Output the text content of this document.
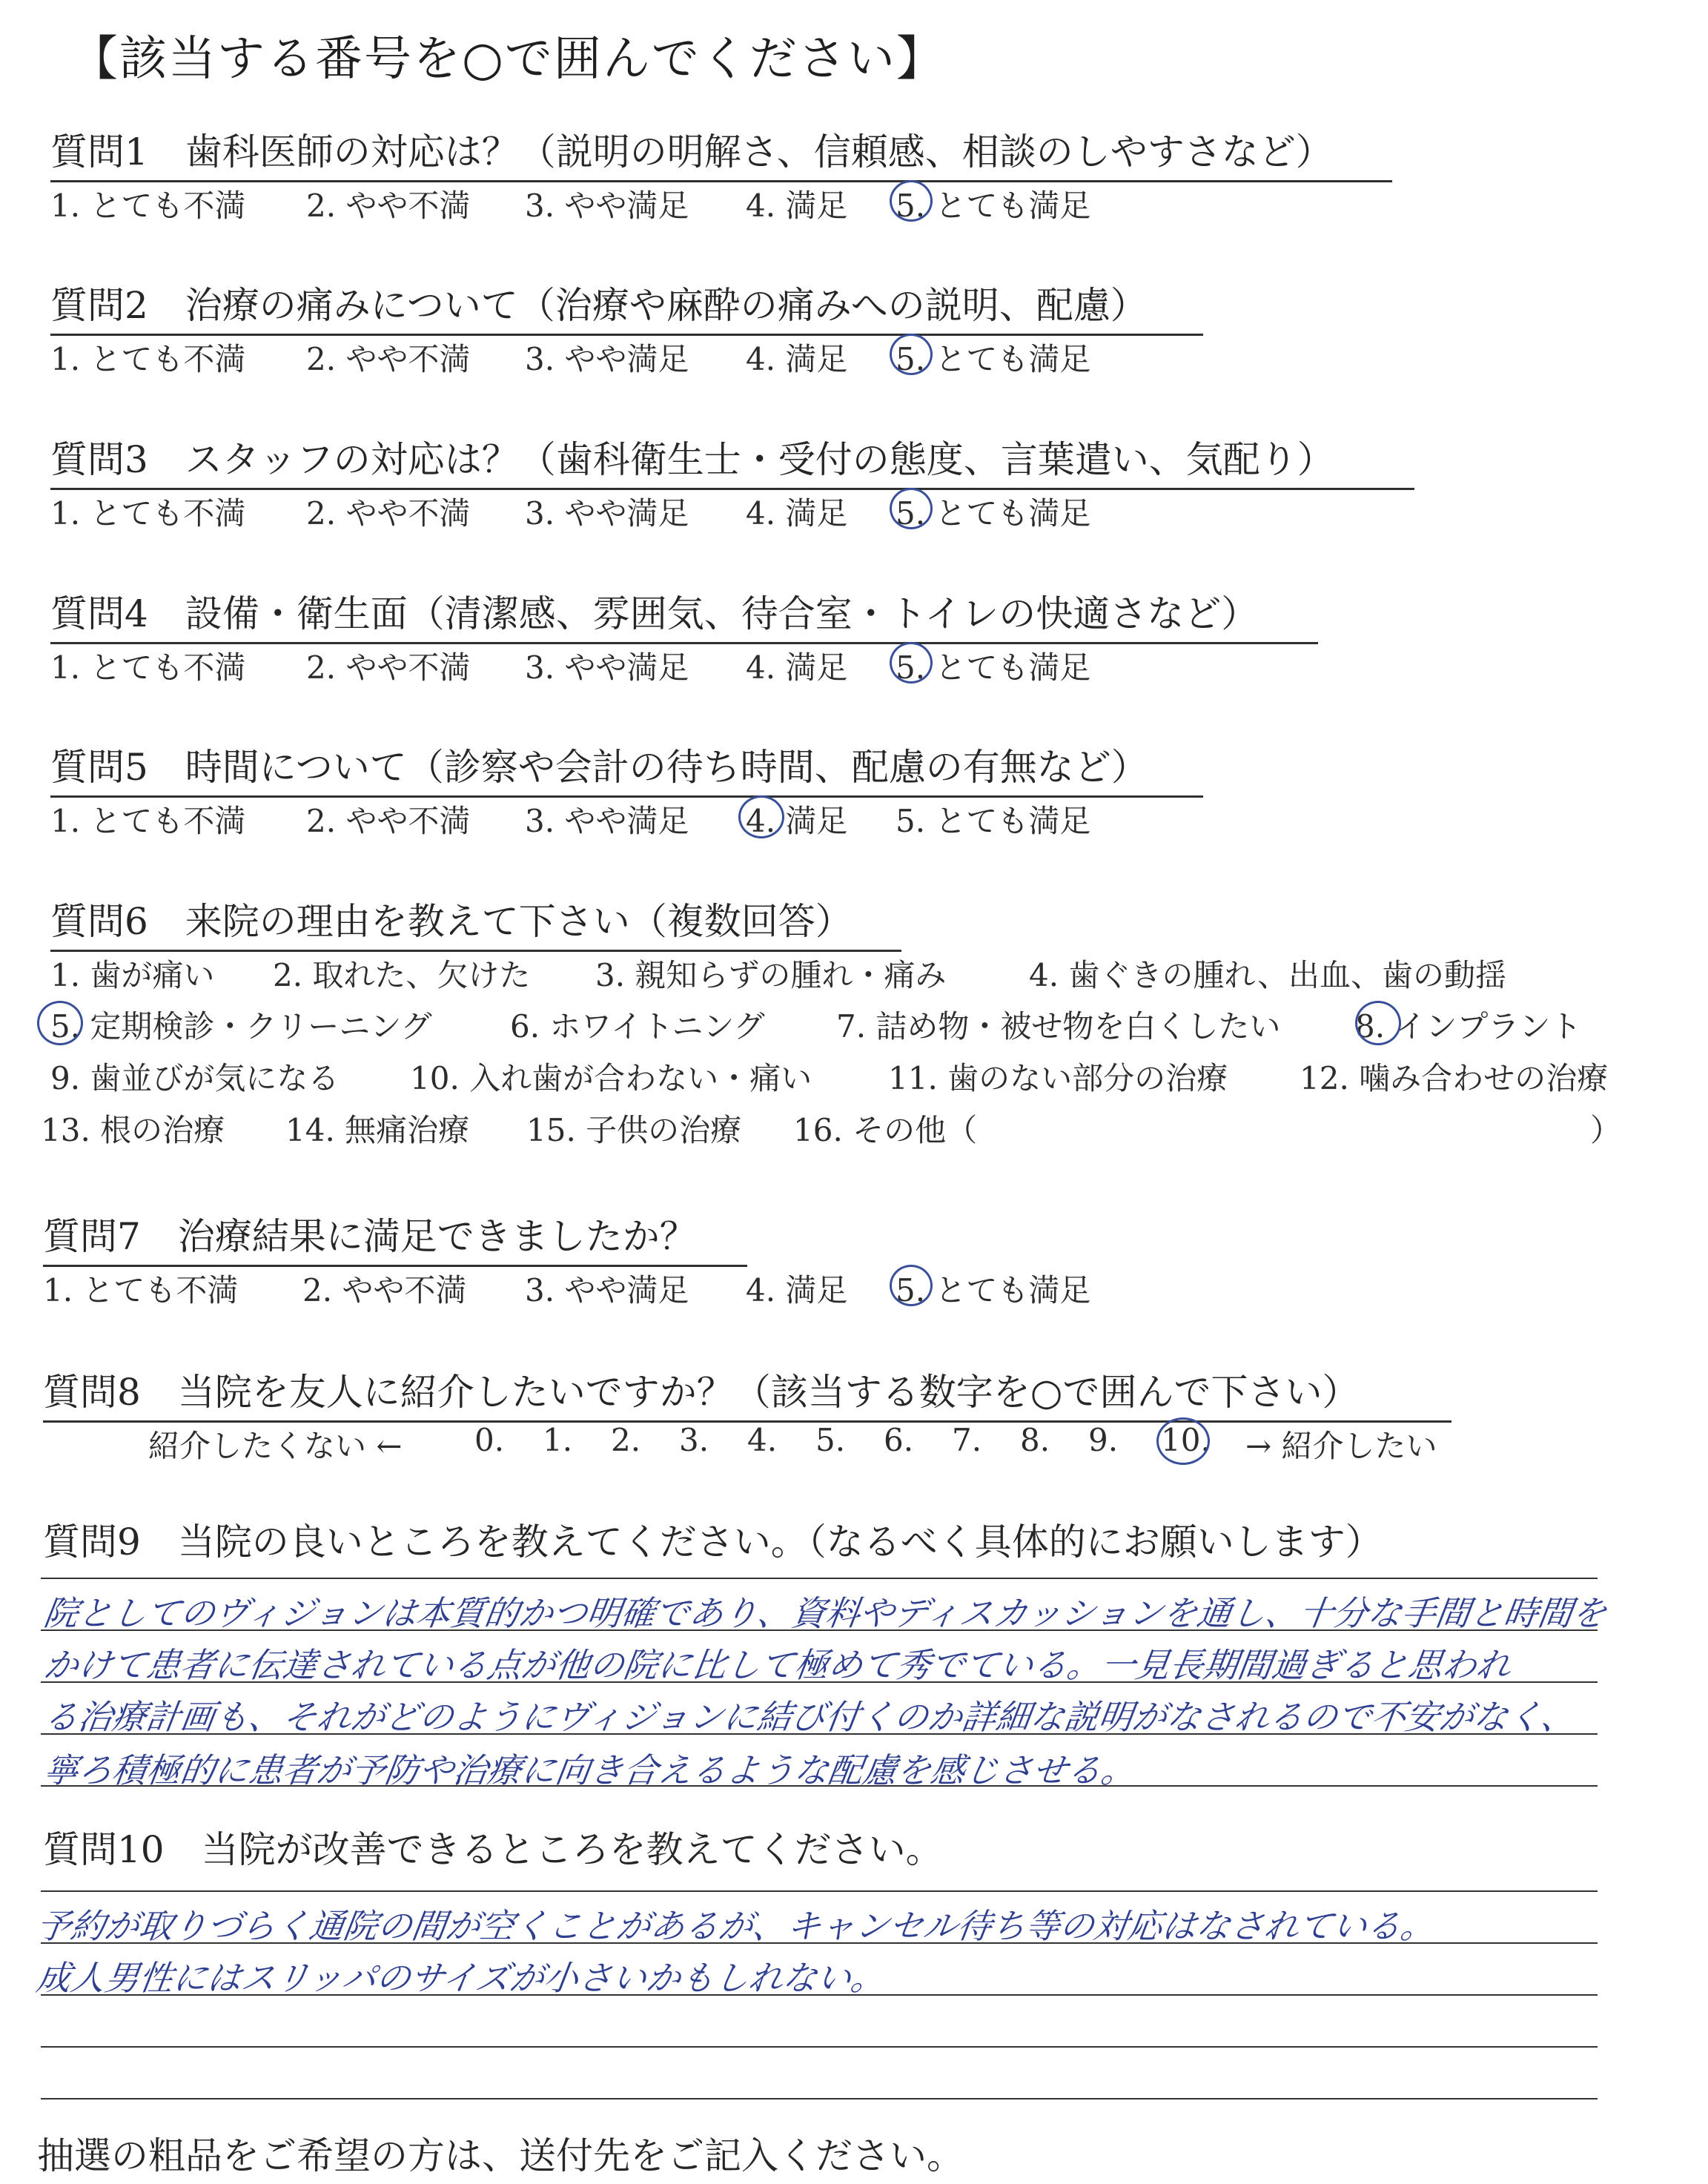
【該当する番号を○で囲んでください】
質問1　歯科医師の対応は？（説明の明解さ、信頼感、相談のしやすさなど）
1. とても不満 2. やや不満 3. やや満足 4. 満足 5. とても満足
質問2　治療の痛みについて（治療や麻酔の痛みへの説明、配慮）
1. とても不満 2. やや不満 3. やや満足 4. 満足 5. とても満足
質問3　スタッフの対応は？（歯科衛生士・受付の態度、言葉遣い、気配り）
1. とても不満 2. やや不満 3. やや満足 4. 満足 5. とても満足
質問4　設備・衛生面（清潔感、雰囲気、待合室・トイレの快適さなど）
1. とても不満 2. やや不満 3. やや満足 4. 満足 5. とても満足
質問5　時間について（診察や会計の待ち時間、配慮の有無など）
1. とても不満 2. やや不満 3. やや満足 4. 満足 5. とても満足
質問6　来院の理由を教えて下さい（複数回答）
1. 歯が痛い 2. 取れた、欠けた 3. 親知らずの腫れ・痛み	4. 歯ぐきの腫れ、出血、歯の動揺
5. 定期検診・クリーニング	6. ホワイトニング 7. 詰め物・被せ物を白くしたい 8. インプラント
9. 歯並びが気になる 10. 入れ歯が合わない・痛い 11. 歯のない部分の治療 12. 噛み合わせの治療
13. 根の治療 14. 無痛治療 15. 子供の治療 16. その他（	）
質問7　治療結果に満足できましたか？
1. とても不満 2. やや不満 3. やや満足 4. 満足 5. とても満足
質問8　当院を友人に紹介したいですか？（該当する数字を○で囲んで下さい）
紹介したくない ← 0. 1. 2. 3. 4. 5. 6. 7. 8. 9. 10. → 紹介したい
質問9　当院の良いところを教えてください。（なるべく具体的にお願いします）
院としてのヴィジョンは本質的かつ明確であり、資料やディスカッションを通し、十分な手間と時間を
かけて患者に伝達されている点が他の院に比して極めて秀でている。一見長期間過ぎると思われ
る治療計画も、それがどのようにヴィジョンに結び付くのか詳細な説明がなされるので不安がなく、
寧ろ積極的に患者が予防や治療に向き合えるような配慮を感じさせる。
質問10　当院が改善できるところを教えてください。
予約が取りづらく通院の間が空くことがあるが、キャンセル待ち等の対応はなされている。
成人男性にはスリッパのサイズが小さいかもしれない。
抽選の粗品をご希望の方は、送付先をご記入ください。
